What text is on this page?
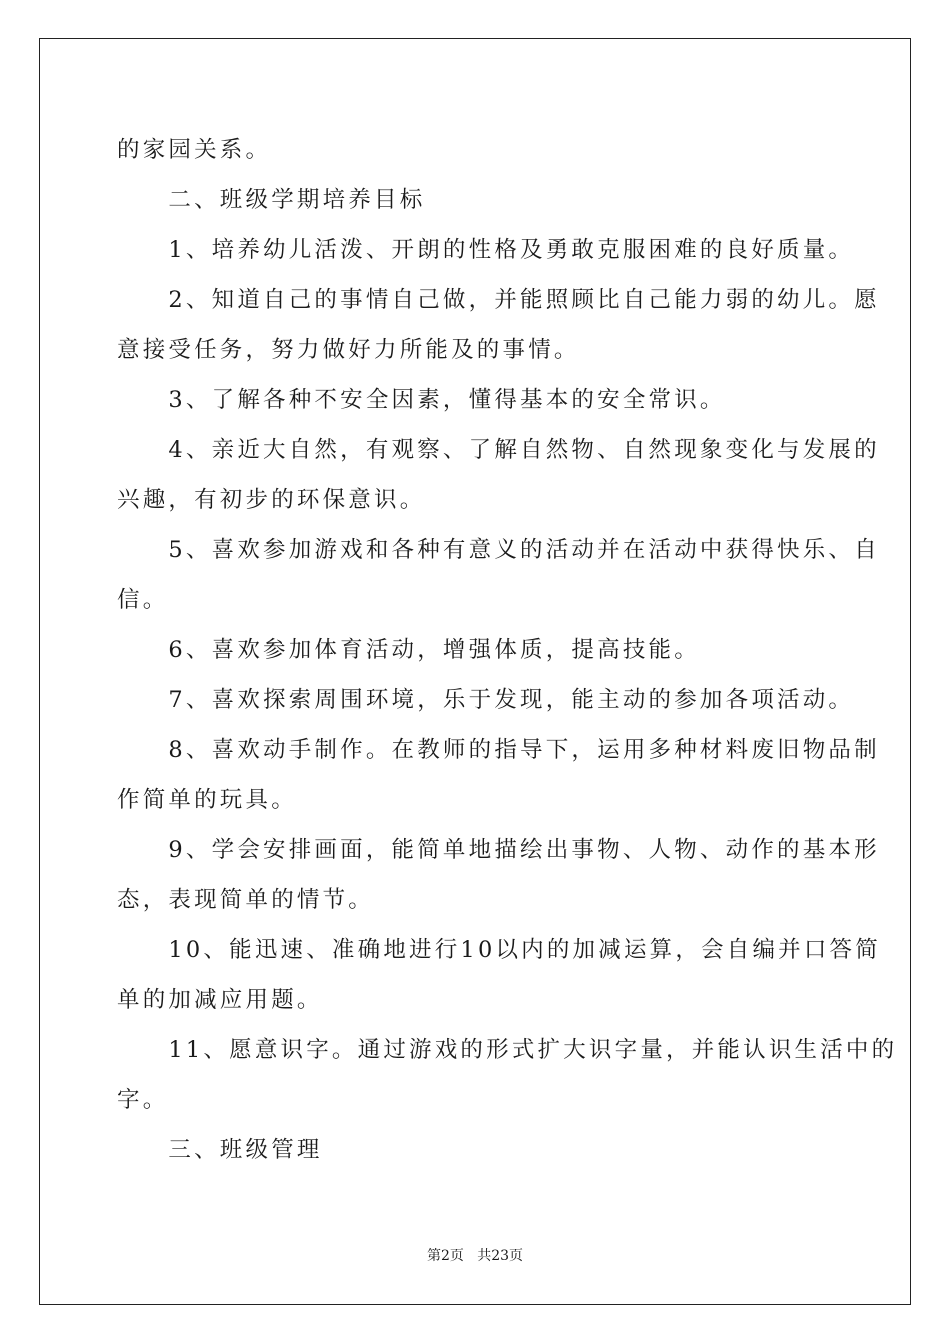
的家园关系。
　　二、班级学期培养目标
　　1、培养幼儿活泼、开朗的性格及勇敢克服困难的良好质量。
　　2、知道自己的事情自己做，并能照顾比自己能力弱的幼儿。愿
意接受任务，努力做好力所能及的事情。
　　3、了解各种不安全因素，懂得基本的安全常识。
　　4、亲近大自然，有观察、了解自然物、自然现象变化与发展的
兴趣，有初步的环保意识。
　　5、喜欢参加游戏和各种有意义的活动并在活动中获得快乐、自
信。
　　6、喜欢参加体育活动，增强体质，提高技能。
　　7、喜欢探索周围环境，乐于发现，能主动的参加各项活动。
　　8、喜欢动手制作。在教师的指导下，运用多种材料废旧物品制
作简单的玩具。
　　9、学会安排画面，能简单地描绘出事物、人物、动作的基本形
态，表现简单的情节。
　　10、能迅速、准确地进行10以内的加减运算，会自编并口答简
单的加减应用题。
　　11、愿意识字。通过游戏的形式扩大识字量，并能认识生活中的
字。
　　三、班级管理
第2页   共23页
